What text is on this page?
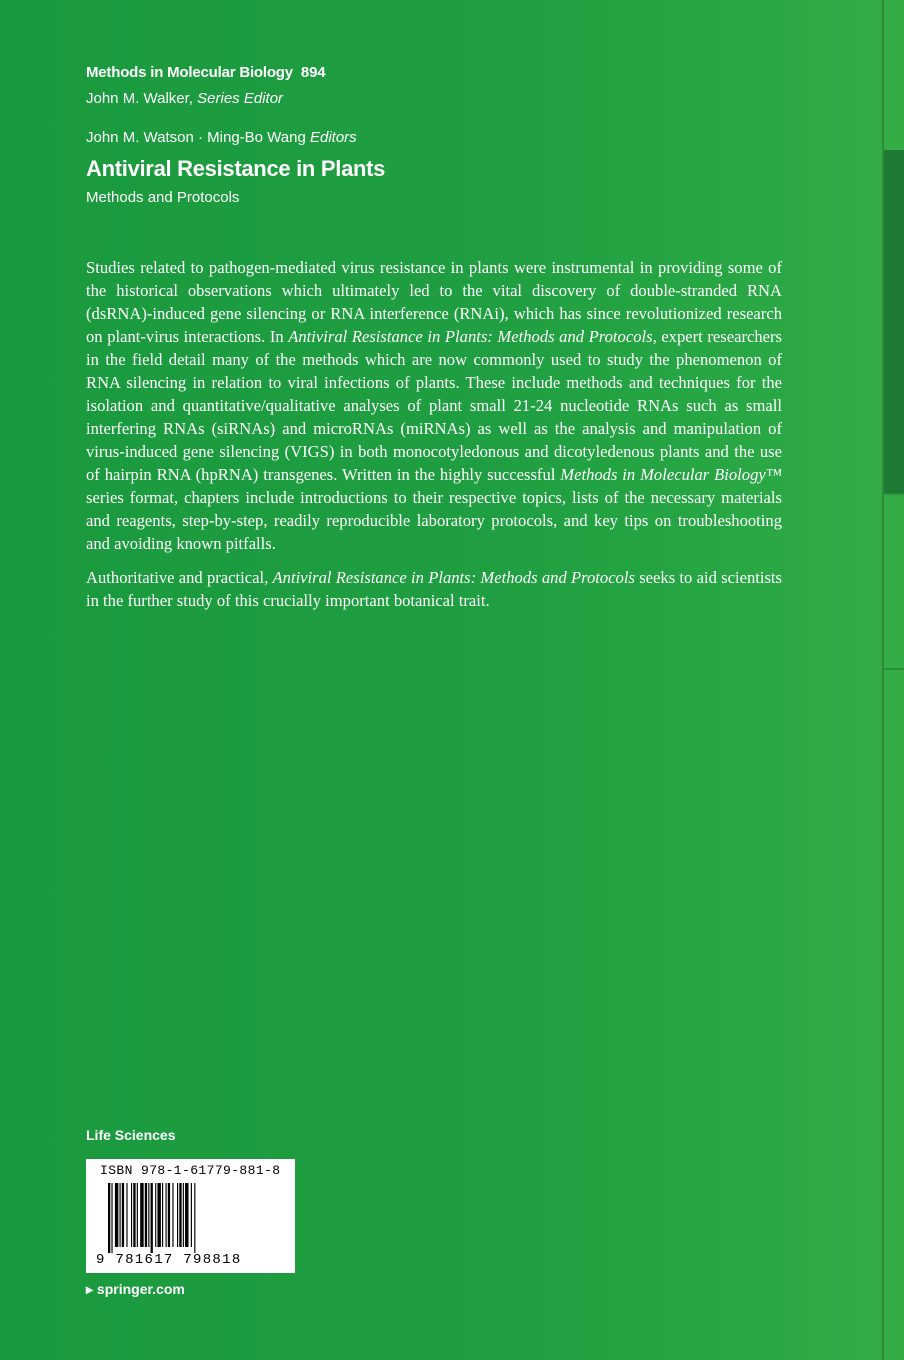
Methods in Molecular Biology 894
John M. Walker, Series Editor
John M. Watson · Ming-Bo Wang Editors
Antiviral Resistance in Plants
Methods and Protocols

Studies related to pathogen-mediated virus resistance in plants were instrumental in providing some of the historical observations which ultimately led to the vital discovery of double-stranded RNA (dsRNA)-induced gene silencing or RNA interference (RNAi), which has since revolutionized research on plant-virus interactions. In Antiviral Resistance in Plants: Methods and Protocols, expert researchers in the field detail many of the methods which are now commonly used to study the phenomenon of RNA silencing in relation to viral infections of plants. These include methods and techniques for the isolation and quantitative/qualitative analyses of plant small 21-24 nucleotide RNAs such as small interfering RNAs (siRNAs) and microRNAs (miRNAs) as well as the analysis and manipulation of virus-induced gene silencing (VIGS) in both monocotyledonous and dicotyledenous plants and the use of hairpin RNA (hpRNA) transgenes. Written in the highly successful Methods in Molecular Biology™ series format, chapters include introductions to their respective topics, lists of the necessary materials and reagents, step-by-step, readily reproducible laboratory protocols, and key tips on troubleshooting and avoiding known pitfalls.

Authoritative and practical, Antiviral Resistance in Plants: Methods and Protocols seeks to aid scientists in the further study of this crucially important botanical trait.

Life Sciences
ISBN 978-1-61779-881-8
9 781617 798818
▸ springer.com
